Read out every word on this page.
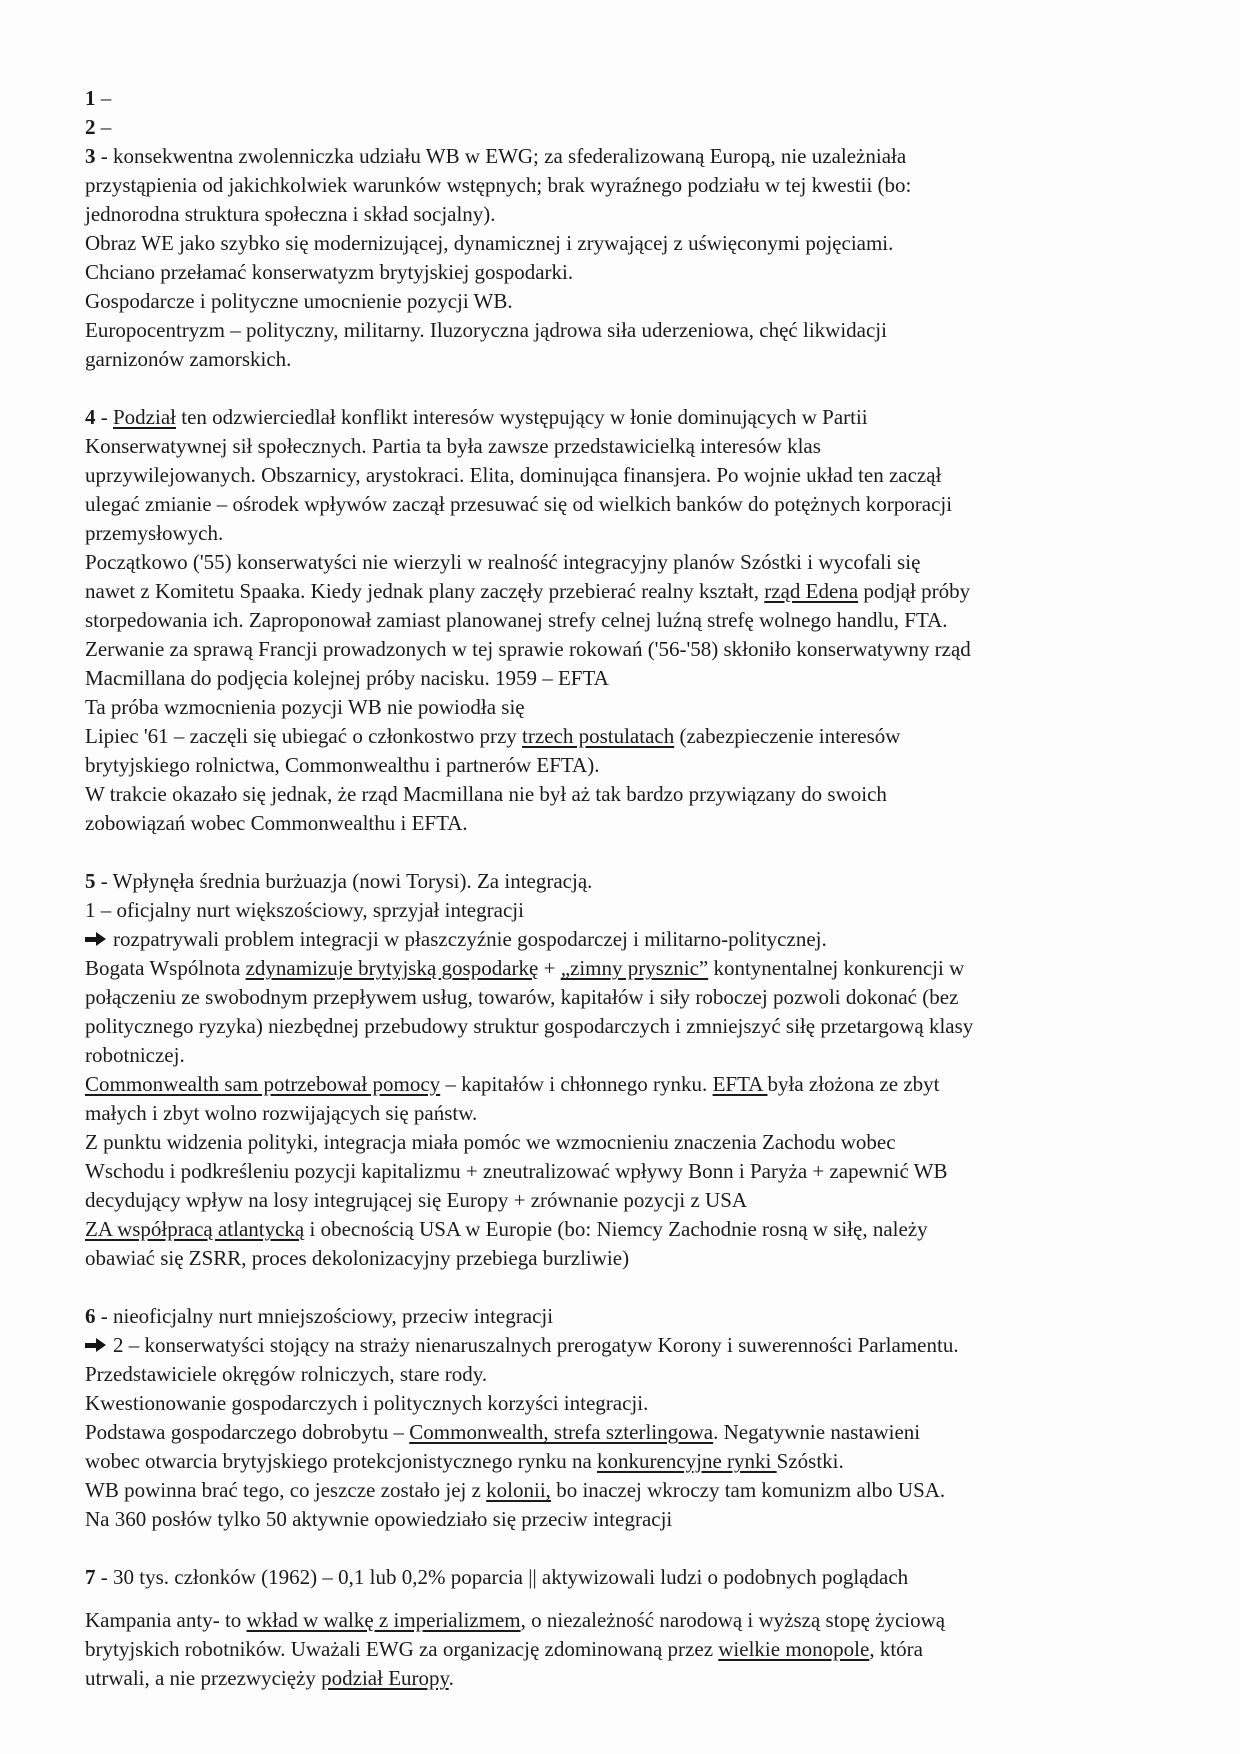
1 –
2 –
3 - konsekwentna zwolenniczka udziału WB w EWG; za sfederalizowaną Europą, nie uzależniała
przystąpienia od jakichkolwiek warunków wstępnych; brak wyraźnego podziału w tej kwestii (bo:
jednorodna struktura społeczna i skład socjalny).
Obraz WE jako szybko się modernizującej, dynamicznej i zrywającej z uświęconymi pojęciami.
Chciano przełamać konserwatyzm brytyjskiej gospodarki.
Gospodarcze i polityczne umocnienie pozycji WB.
Europocentryzm – polityczny, militarny. Iluzoryczna jądrowa siła uderzeniowa, chęć likwidacji
garnizonów zamorskich.
4 - Podział ten odzwierciedlał konflikt interesów występujący w łonie dominujących w Partii
Konserwatywnej sił społecznych. Partia ta była zawsze przedstawicielką interesów klas
uprzywilejowanych. Obszarnicy, arystokraci. Elita, dominująca finansjera. Po wojnie układ ten zaczął
ulegać zmianie – ośrodek wpływów zaczął przesuwać się od wielkich banków do potężnych korporacji
przemysłowych.
Początkowo ('55) konserwatyści nie wierzyli w realność integracyjny planów Szóstki i wycofali się
nawet z Komitetu Spaaka. Kiedy jednak plany zaczęły przebierać realny kształt, rząd Edena podjął próby
storpedowania ich. Zaproponował zamiast planowanej strefy celnej luźną strefę wolnego handlu, FTA.
Zerwanie za sprawą Francji prowadzonych w tej sprawie rokowań ('56-'58) skłoniło konserwatywny rząd
Macmillana do podjęcia kolejnej próby nacisku. 1959 – EFTA
Ta próba wzmocnienia pozycji WB nie powiodła się
Lipiec '61 – zaczęli się ubiegać o członkostwo przy trzech postulatach (zabezpieczenie interesów
brytyjskiego rolnictwa, Commonwealthu i partnerów EFTA).
W trakcie okazało się jednak, że rząd Macmillana nie był aż tak bardzo przywiązany do swoich
zobowiązań wobec Commonwealthu i EFTA.
5 - Wpłynęła średnia burżuazja (nowi Torysi). Za integracją.
1 – oficjalny nurt większościowy, sprzyjał integracji
rozpatrywali problem integracji w płaszczyźnie gospodarczej i militarno-politycznej.
Bogata Wspólnota zdynamizuje brytyjską gospodarkę + „zimny prysznic” kontynentalnej konkurencji w
połączeniu ze swobodnym przepływem usług, towarów, kapitałów i siły roboczej pozwoli dokonać (bez
politycznego ryzyka) niezbędnej przebudowy struktur gospodarczych i zmniejszyć siłę przetargową klasy
robotniczej.
Commonwealth sam potrzebował pomocy – kapitałów i chłonnego rynku. EFTA była złożona ze zbyt
małych i zbyt wolno rozwijających się państw.
Z punktu widzenia polityki, integracja miała pomóc we wzmocnieniu znaczenia Zachodu wobec
Wschodu i podkreśleniu pozycji kapitalizmu + zneutralizować wpływy Bonn i Paryża + zapewnić WB
decydujący wpływ na losy integrującej się Europy + zrównanie pozycji z USA
ZA współpracą atlantycką i obecnością USA w Europie (bo: Niemcy Zachodnie rosną w siłę, należy
obawiać się ZSRR, proces dekolonizacyjny przebiega burzliwie)
6 - nieoficjalny nurt mniejszościowy, przeciw integracji
2 – konserwatyści stojący na straży nienaruszalnych prerogatyw Korony i suwerenności Parlamentu.
Przedstawiciele okręgów rolniczych, stare rody.
Kwestionowanie gospodarczych i politycznych korzyści integracji.
Podstawa gospodarczego dobrobytu – Commonwealth, strefa szterlingowa. Negatywnie nastawieni
wobec otwarcia brytyjskiego protekcjonistycznego rynku na konkurencyjne rynki Szóstki.
WB powinna brać tego, co jeszcze zostało jej z kolonii, bo inaczej wkroczy tam komunizm albo USA.
Na 360 posłów tylko 50 aktywnie opowiedziało się przeciw integracji
7 - 30 tys. członków (1962) – 0,1 lub 0,2% poparcia || aktywizowali ludzi o podobnych poglądach
Kampania anty- to wkład w walkę z imperializmem, o niezależność narodową i wyższą stopę życiową
brytyjskich robotników. Uważali EWG za organizację zdominowaną przez wielkie monopole, która
utrwali, a nie przezwycięży podział Europy.
